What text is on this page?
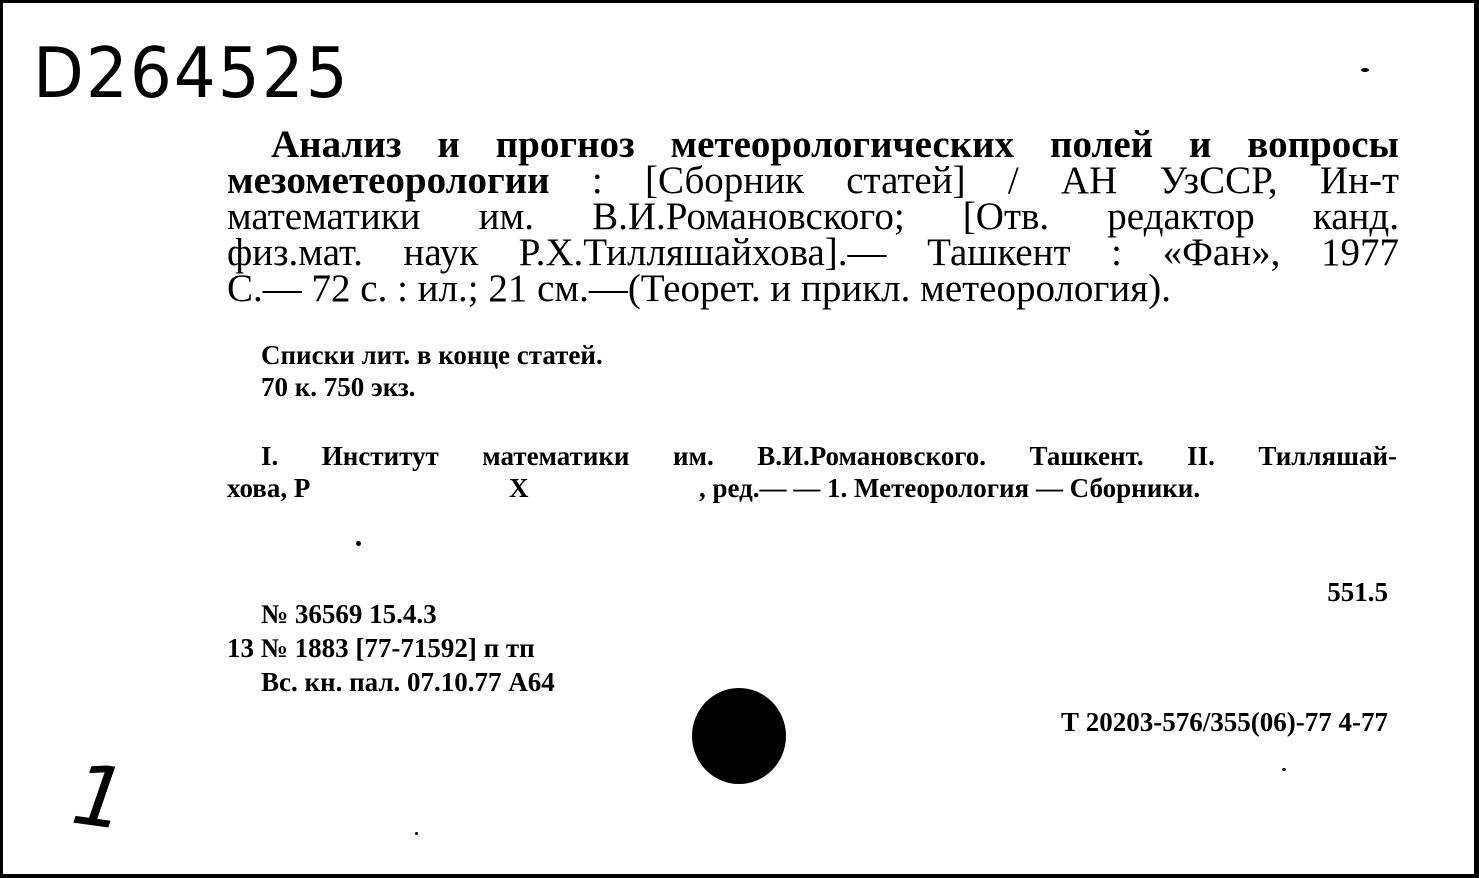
D264525
Анализ и прогноз метеорологических полей и вопросы
мезометеорологии : [Сборник статей] / АН УзССР, Ин-т
математики им. В.И.Романовского; [Отв. редактор канд.
физ.мат. наук Р.Х.Тилляшайхова].— Ташкент : «Фан», 1977
С.— 72 с. : ил.; 21 см.—(Теорет. и прикл. метеорология).
Списки лит. в конце статей.
70 к. 750 экз.
I. Институт математики им. В.И.Романовского. Ташкент. II. Тилляшай-
хова, Р	Х	, ред.— — 1. Метеорология — Сборники.
551.5
№ 36569 15.4.3
13 № 1883 [77-71592] п тп
Вс. кн. пал. 07.10.77 А64
Т 20203-576/355(06)-77 4-77
1
